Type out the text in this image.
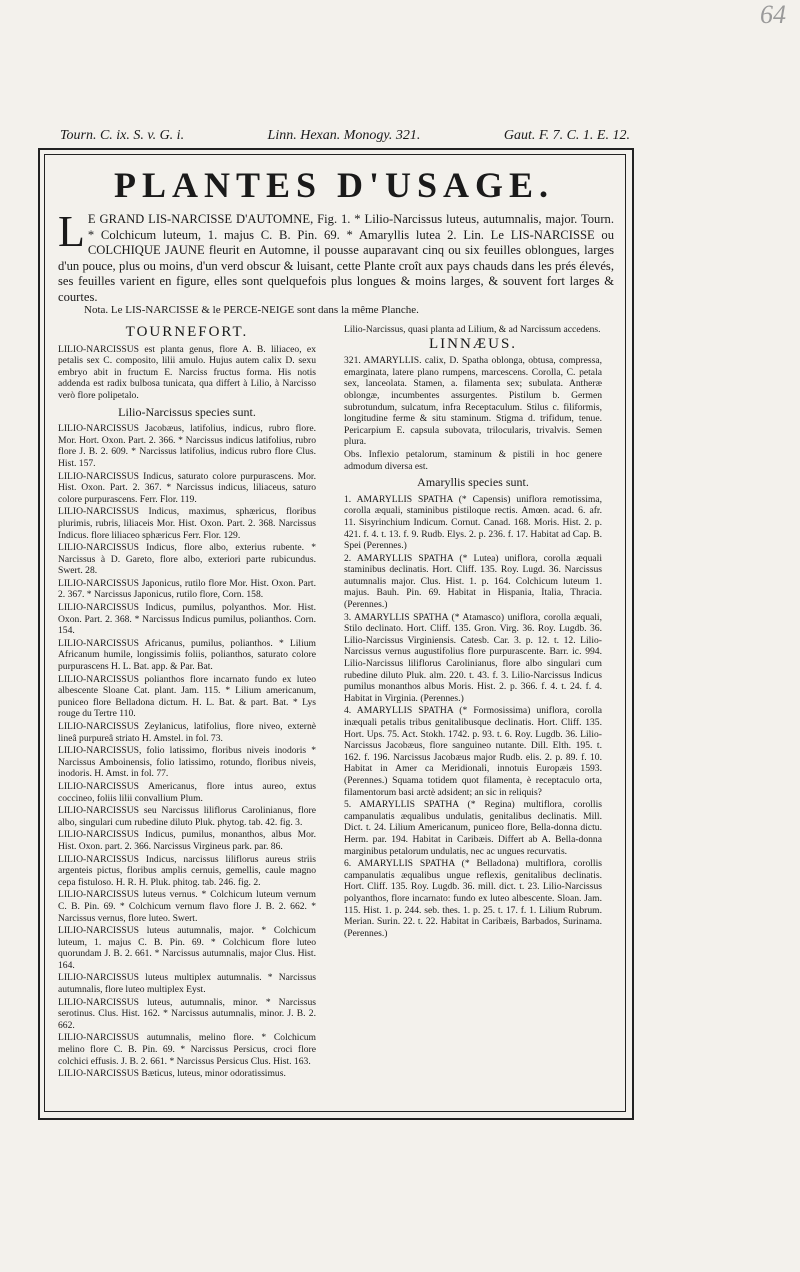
64
Tourn. C. ix. S. v. G. i.	Linn. Hexan. Monogy. 321.	Gaut. F. 7. C. 1. E. 12.
PLANTES D'USAGE.
L E GRAND LIS-NARCISSE D'AUTOMNE, Fig. 1. * Lilio-Narcissus luteus, autumnalis, major. Tourn. * Colchicum luteum, 1. majus C. B. Pin. 69. * Amaryllis lutea 2. Lin. Le LIS-NARCISSE ou COLCHIQUE JAUNE fleurit en Automne, il pousse auparavant cinq ou six feuilles oblongues, larges d'un pouce, plus ou moins, d'un verd obscur & luisant, cette Plante croît aux pays chauds dans les prés élevés, ses feuilles varient en figure, elles sont quelquefois plus longues & moins larges, & souvent fort larges & courtes.
Nota. Le LIS-NARCISSE & le PERCE-NEIGE sont dans la même Planche.

TOURNEFORT.

LILIO-NARCISSUS est planta genus, flore A. B. liliaceo, ex petalis sex C. composito, lilii amulo. Hujus autem calix D. sexu embryo abit in fructum E. Narciss fructus forma. His notis addenda est radix bulbosa tunicata, qua differt à Lilio, à Narcisso verò flore polipetalo.

Lilio-Narcissus species sunt.

LILIO-NARCISSUS Jacobæus, latifolius, indicus, rubro flore. Mor. Hort. Oxon. Part. 2. 366. * Narcissus indicus latifolius, rubro flore J. B. 2. 609. * Narcissus latifolius, indicus rubro flore Clus. Hist. 157.

LILIO-NARCISSUS Indicus, saturato colore purpurascens. Mor. Hist. Oxon. Part. 2. 367. * Narcissus indicus, liliaceus, saturo colore purpurascens. Ferr. Flor. 119.

LILIO-NARCISSUS Indicus, maximus, sphæricus, floribus plurimis, rubris, liliaceis Mor. Hist. Oxon. Part. 2. 368. Narcissus Indicus. flore liliaceo sphæricus Ferr. Flor. 129.

LILIO-NARCISSUS Indicus, flore albo, exterius rubente. * Narcissus à D. Gareto, flore albo, exteriori parte rubicundus. Swert. 28.

LILIO-NARCISSUS Japonicus, rutilo flore Mor. Hist. Oxon. Part. 2. 367. * Narcissus Japonicus, rutilo flore, Corn. 158.

LILIO-NARCISSUS Indicus, pumilus, polyanthos. Mor. Hist. Oxon. Part. 2. 368. * Narcissus Indicus pumilus, polianthos. Corn. 154.

LILIO-NARCISSUS Africanus, pumilus, polianthos. * Lilium Africanum humile, longissimis foliis, polianthos, saturato colore purpurascens H. L. Bat. app. & Par. Bat.

LILIO-NARCISSUS polianthos flore incarnato fundo ex luteo albescente Sloane Cat. plant. Jam. 115. * Lilium americanum, puniceo flore Belladona dictum. H. L. Bat. & part. Bat. * Lys rouge du Tertre 110.

LILIO-NARCISSUS Zeylanicus, latifolius, flore niveo, externè lineâ purpureâ striato H. Amstel. in fol. 73.

LILIO-NARCISSUS, folio latissimo, floribus niveis inodoris * Narcissus Amboinensis, folio latissimo, rotundo, floribus niveis, inodoris. H. Amst. in fol. 77.

LILIO-NARCISSUS Americanus, flore intus aureo, extus coccineo, foliis lilii convallium Plum.

LILIO-NARCISSUS seu Narcissus liliflorus Carolinianus, flore albo, singulari cum rubedine diluto Pluk. phytog. tab. 42. fig. 3.

LILIO-NARCISSUS Indicus, pumilus, monanthos, albus Mor. Hist. Oxon. part. 2. 366. Narcissus Virgineus park. par. 86.

LILIO-NARCISSUS Indicus, narcissus liliflorus aureus striis argenteis pictus, floribus amplis cernuis, gemellis, caule magno cepa fistuloso. H. R. H. Pluk. phitog. tab. 246. fig. 2.

LILIO-NARCISSUS luteus vernus. * Colchicum luteum vernum C. B. Pin. 69. * Colchicum vernum flavo flore J. B. 2. 662. * Narcissus vernus, flore luteo. Swert.

LILIO-NARCISSUS luteus autumnalis, major. * Colchicum luteum, 1. majus C. B. Pin. 69. * Colchicum flore luteo quorundam J. B. 2. 661. * Narcissus autumnalis, major Clus. Hist. 164.

LILIO-NARCISSUS luteus multiplex autumnalis. * Narcissus autumnalis, flore luteo multiplex Eyst.

LILIO-NARCISSUS luteus, autumnalis, minor. * Narcissus serotinus. Clus. Hist. 162. * Narcissus autumnalis, minor. J. B. 2. 662.

LILIO-NARCISSUS autumnalis, melino flore. * Colchicum melino flore C. B. Pin. 69. * Narcissus Persicus, croci flore colchici effusis. J. B. 2. 661. * Narcissus Persicus Clus. Hist. 163.

LILIO-NARCISSUS Bæticus, luteus, minor odoratissimus.

Lilio-Narcissus, quasi planta ad Lilium, & ad Narcissum accedens.

LINNÆUS.

321. AMARYLLIS. calix, D. Spatha oblonga, obtusa, compressa, emarginata, latere plano rumpens, marcescens. Corolla, C. petala sex, lanceolata. Stamen, a. filamenta sex; subulata. Antheræ oblongæ, incumbentes assurgentes. Pistilum b. Germen subrotundum, sulcatum, infra Receptaculum. Stilus c. filiformis, longitudine ferme & situ staminum. Stigma d. trifidum, tenue. Pericarpium E. capsula subovata, trilocularis, trivalvis. Semen plura.

Obs. Inflexio petalorum, staminum & pistili in hoc genere admodum diversa est.

Amaryllis species sunt.

1. AMARYLLIS SPATHA (* Capensis) uniflora remotissima, corolla æquali, staminibus pistiloque rectis. Amœn. acad. 6. afr. 11. Sisyrinchium Indicum. Cornut. Canad. 168. Moris. Hist. 2. p. 421. f. 4. t. 13. f. 9. Rudb. Elys. 2. p. 236. f. 17. Habitat ad Cap. B. Spei (Perennes.)

2. AMARYLLIS SPATHA (* Lutea) uniflora, corolla æquali staminibus declinatis. Hort. Cliff. 135. Roy. Lugd. 36. Narcissus autumnalis major. Clus. Hist. 1. p. 164. Colchicum luteum 1. majus. Bauh. Pin. 69. Habitat in Hispania, Italia, Thracia. (Perennes.)

3. AMARYLLIS SPATHA (* Atamasco) uniflora, corolla æquali, Stilo declinato. Hort. Cliff. 135. Gron. Virg. 36. Roy. Lugdb. 36. Lilio-Narcissus Virginiensis. Catesb. Car. 3. p. 12. t. 12. Lilio-Narcissus vernus augustifolius flore purpurascente. Barr. ic. 994. Lilio-Narcissus liliflorus Carolinianus, flore albo singulari cum rubedine diluto Pluk. alm. 220. t. 43. f. 3. Lilio-Narcissus Indicus pumilus monanthos albus Moris. Hist. 2. p. 366. f. 4. t. 24. f. 4. Habitat in Virginia. (Perennes.)

4. AMARYLLIS SPATHA (* Formosissima) uniflora, corolla inæquali petalis tribus genitalibusque declinatis. Hort. Cliff. 135. Hort. Ups. 75. Act. Stokh. 1742. p. 93. t. 6. Roy. Lugdb. 36. Lilio-Narcissus Jacobæus, flore sanguineo nutante. Dill. Elth. 195. t. 162. f. 196. Narcissus Jacobæus major Rudb. elis. 2. p. 89. f. 10. Habitat in Amer ca Meridionali, innotuis Europæis 1593. (Perennes.) Squama totidem quot filamenta, è receptaculo orta, filamentorum basi arctè adsident; an sic in reliquis?

5. AMARYLLIS SPATHA (* Regina) multiflora, corollis campanulatis æqualibus undulatis, genitalibus declinatis. Mill. Dict. t. 24. Lilium Americanum, puniceo flore, Bella-donna dictu. Herm. par. 194. Habitat in Caribæis. Differt ab A. Bella-donna marginibus petalorum undulatis, nec ac ungues recurvatis.

6. AMARYLLIS SPATHA (* Belladona) multiflora, corollis campanulatis æqualibus ungue reflexis, genitalibus declinatis. Hort. Cliff. 135. Roy. Lugdb. 36. mill. dict. t. 23. Lilio-Narcissus polyanthos, flore incarnato: fundo ex luteo albescente. Sloan. Jam. 115. Hist. 1. p. 244. seb. thes. 1. p. 25. t. 17. f. 1. Lilium Rubrum. Merian. Surin. 22. t. 22. Habitat in Caribæis, Barbados, Surinama. (Perennes.)
